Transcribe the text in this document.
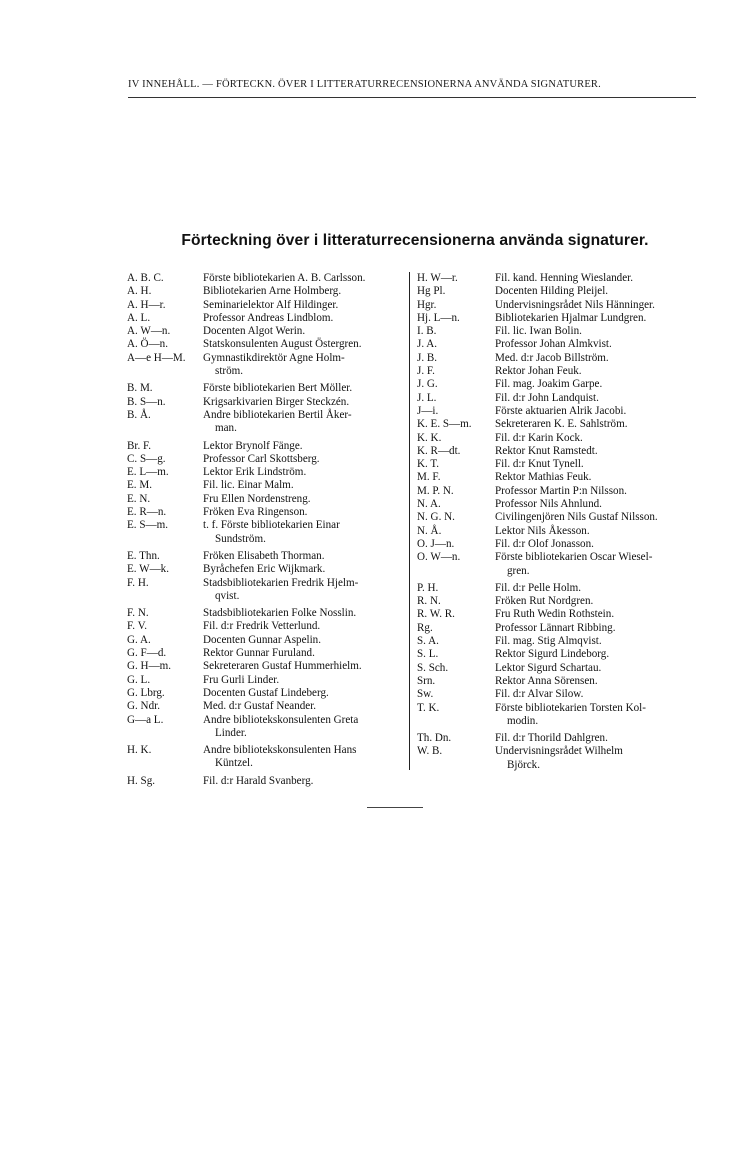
IV INNEHÅLL. — FÖRTECKN. ÖVER I LITTERATURRECENSIONERNA ANVÄNDA SIGNATURER.
Förteckning över i litteraturrecensionerna använda signaturer.
A. B. C.	Förste bibliotekarien A. B. Carlsson.
A. H.	Bibliotekarien Arne Holmberg.
A. H—r.	Seminarielektor Alf Hildinger.
A. L.	Professor Andreas Lindblom.
A. W—n.	Docenten Algot Werin.
A. Ö—n.	Statskonsulenten August Östergren.
A—e H—M.	Gymnastikdirektör Agne Holm-
ström.
B. M.	Förste bibliotekarien Bert Möller.
B. S—n.	Krigsarkivarien Birger Steckzén.
B. Å.	Andre bibliotekarien Bertil Åker-
man.
Br. F.	Lektor Brynolf Fänge.
C. S—g.	Professor Carl Skottsberg.
E. L—m.	Lektor Erik Lindström.
E. M.	Fil. lic. Einar Malm.
E. N.	Fru Ellen Nordenstreng.
E. R—n.	Fröken Eva Ringenson.
E. S—m.	t. f. Förste bibliotekarien Einar
Sundström.
E. Thn.	Fröken Elisabeth Thorman.
E. W—k.	Byråchefen Eric Wijkmark.
F. H.	Stadsbibliotekarien Fredrik Hjelm-
qvist.
F. N.	Stadsbibliotekarien Folke Nosslin.
F. V.	Fil. d:r Fredrik Vetterlund.
G. A.	Docenten Gunnar Aspelin.
G. F—d.	Rektor Gunnar Furuland.
G. H—m.	Sekreteraren Gustaf Hummerhielm.
G. L.	Fru Gurli Linder.
G. Lbrg.	Docenten Gustaf Lindeberg.
G. Ndr.	Med. d:r Gustaf Neander.
G—a L.	Andre bibliotekskonsulenten Greta
Linder.
H. K.	Andre bibliotekskonsulenten Hans
Küntzel.
H. Sg.	Fil. d:r Harald Svanberg.
H. W—r.	Fil. kand. Henning Wieslander.
Hg Pl.	Docenten Hilding Pleijel.
Hgr.	Undervisningsrådet Nils Hänninger.
Hj. L—n.	Bibliotekarien Hjalmar Lundgren.
I. B.	Fil. lic. Iwan Bolin.
J. A.	Professor Johan Almkvist.
J. B.	Med. d:r Jacob Billström.
J. F.	Rektor Johan Feuk.
J. G.	Fil. mag. Joakim Garpe.
J. L.	Fil. d:r John Landquist.
J—i.	Förste aktuarien Alrik Jacobi.
K. E. S—m.	Sekreteraren K. E. Sahlström.
K. K.	Fil. d:r Karin Kock.
K. R—dt.	Rektor Knut Ramstedt.
K. T.	Fil. d:r Knut Tynell.
M. F.	Rektor Mathias Feuk.
M. P. N.	Professor Martin P:n Nilsson.
N. A.	Professor Nils Ahnlund.
N. G. N.	Civilingenjören Nils Gustaf Nilsson.
N. Å.	Lektor Nils Åkesson.
O. J—n.	Fil. d:r Olof Jonasson.
O. W—n.	Förste bibliotekarien Oscar Wiesel-
gren.
P. H.	Fil. d:r Pelle Holm.
R. N.	Fröken Rut Nordgren.
R. W. R.	Fru Ruth Wedin Rothstein.
Rg.	Professor Lännart Ribbing.
S. A.	Fil. mag. Stig Almqvist.
S. L.	Rektor Sigurd Lindeborg.
S. Sch.	Lektor Sigurd Schartau.
Srn.	Rektor Anna Sörensen.
Sw.	Fil. d:r Alvar Silow.
T. K.	Förste bibliotekarien Torsten Kol-
modin.
Th. Dn.	Fil. d:r Thorild Dahlgren.
W. B.	Undervisningsrådet Wilhelm
Björck.
